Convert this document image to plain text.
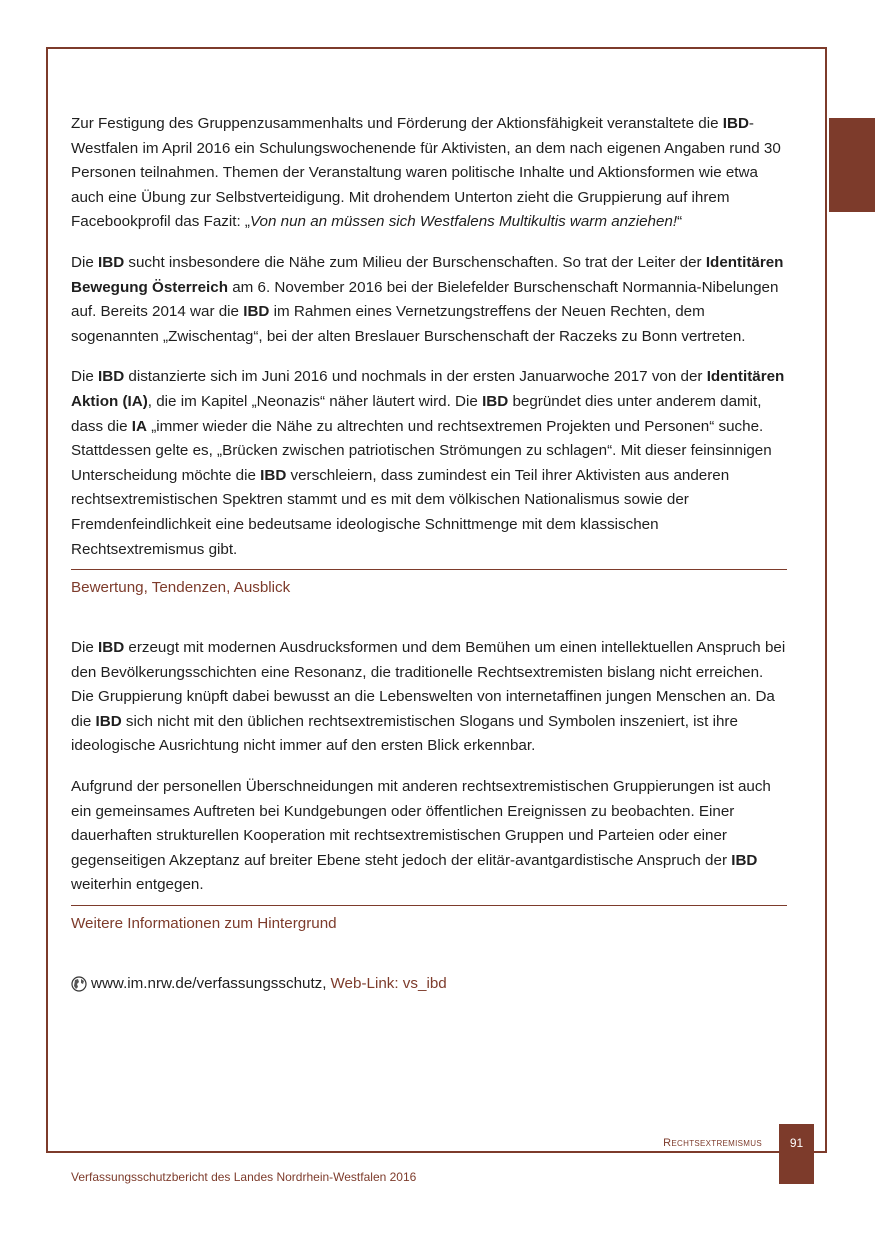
Zur Festigung des Gruppenzusammenhalts und Förderung der Aktionsfähigkeit veranstaltete die IBD-Westfalen im April 2016 ein Schulungswochenende für Aktivisten, an dem nach eigenen Angaben rund 30 Personen teilnahmen. Themen der Veranstaltung waren politische Inhalte und Aktionsformen wie etwa auch eine Übung zur Selbstverteidigung. Mit drohendem Unterton zieht die Gruppierung auf ihrem Facebookprofil das Fazit: „Von nun an müssen sich Westfalens Multikultis warm anziehen!“

Die IBD sucht insbesondere die Nähe zum Milieu der Burschenschaften. So trat der Leiter der Identitären Bewegung Österreich am 6. November 2016 bei der Bielefelder Burschenschaft Normannia-Nibelungen auf. Bereits 2014 war die IBD im Rahmen eines Vernetzungstreffens der Neuen Rechten, dem sogenannten „Zwischentag“, bei der alten Breslauer Burschenschaft der Raczeks zu Bonn vertreten.

Die IBD distanzierte sich im Juni 2016 und nochmals in der ersten Januarwoche 2017 von der Identitären Aktion (IA), die im Kapitel „Neonazis“ näher läutert wird. Die IBD begründet dies unter anderem damit, dass die IA „immer wieder die Nähe zu altrechten und rechtsextremen Projekten und Personen“ suche. Stattdessen gelte es, „Brücken zwischen patriotischen Strömungen zu schlagen“. Mit dieser feinsinnigen Unterscheidung möchte die IBD verschleiern, dass zumindest ein Teil ihrer Aktivisten aus anderen rechtsextremistischen Spektren stammt und es mit dem völkischen Nationalismus sowie der Fremdenfeindlichkeit eine bedeutsame ideologische Schnittmenge mit dem klassischen Rechtsextremismus gibt.

Bewertung, Tendenzen, Ausblick

Die IBD erzeugt mit modernen Ausdrucksformen und dem Bemühen um einen intellektuellen Anspruch bei den Bevölkerungsschichten eine Resonanz, die traditionelle Rechtsextremisten bislang nicht erreichen. Die Gruppierung knüpft dabei bewusst an die Lebenswelten von internetaffinen jungen Menschen an. Da die IBD sich nicht mit den üblichen rechtsextremistischen Slogans und Symbolen inszeniert, ist ihre ideologische Ausrichtung nicht immer auf den ersten Blick erkennbar.

Aufgrund der personellen Überschneidungen mit anderen rechtsextremistischen Gruppierungen ist auch ein gemeinsames Auftreten bei Kundgebungen oder öffentlichen Ereignissen zu beobachten. Einer dauerhaften strukturellen Kooperation mit rechtsextremistischen Gruppen und Parteien oder einer gegenseitigen Akzeptanz auf breiter Ebene steht jedoch der elitär-avantgardistische Anspruch der IBD weiterhin entgegen.

Weitere Informationen zum Hintergrund
www.im.nrw.de/verfassungsschutz, Web-Link: vs_ibd
Rechtsextremismus	91
Verfassungsschutzbericht des Landes Nordrhein-Westfalen 2016
